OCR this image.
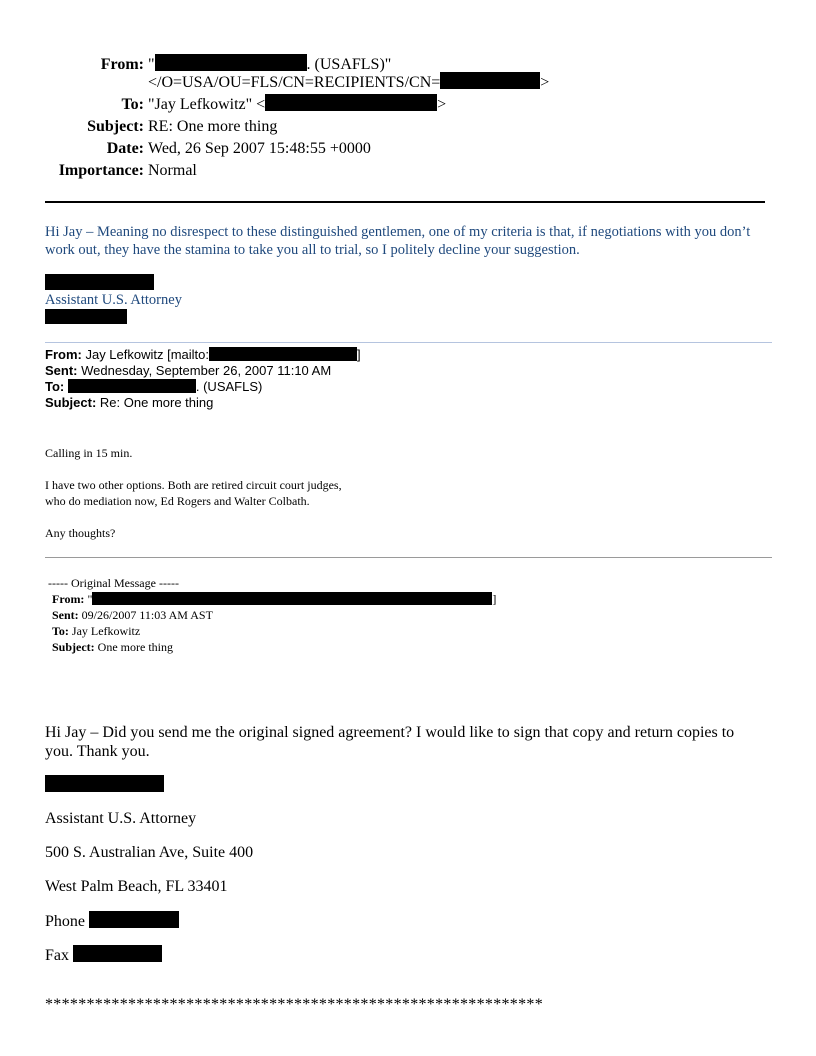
From: "	. (USAFLS)"
</O=USA/OU=FLS/CN=RECIPIENTS/CN=	>
To: "Jay Lefkowitz" <	>
Subject: RE: One more thing
Date: Wed, 26 Sep 2007 15:48:55 +0000
Importance: Normal
Hi Jay – Meaning no disrespect to these distinguished gentlemen, one of my criteria is that, if negotiations with you don’t
work out, they have the stamina to take you all to trial, so I politely decline your suggestion.
Assistant U.S. Attorney
From: Jay Lefkowitz [mailto:	]
Sent: Wednesday, September 26, 2007 11:10 AM
To:	. (USAFLS)
Subject: Re: One more thing
Calling in 15 min.
I have two other options. Both are retired circuit court judges,
who do mediation now, Ed Rogers and Walter Colbath.
Any thoughts?
----- Original Message -----
From: "	]
Sent: 09/26/2007 11:03 AM AST
To: Jay Lefkowitz
Subject: One more thing
Hi Jay – Did you send me the original signed agreement? I would like to sign that copy and return copies to
you. Thank you.
Assistant U.S. Attorney
500 S. Australian Ave, Suite 400
West Palm Beach, FL 33401
Phone
Fax
************************************************************
